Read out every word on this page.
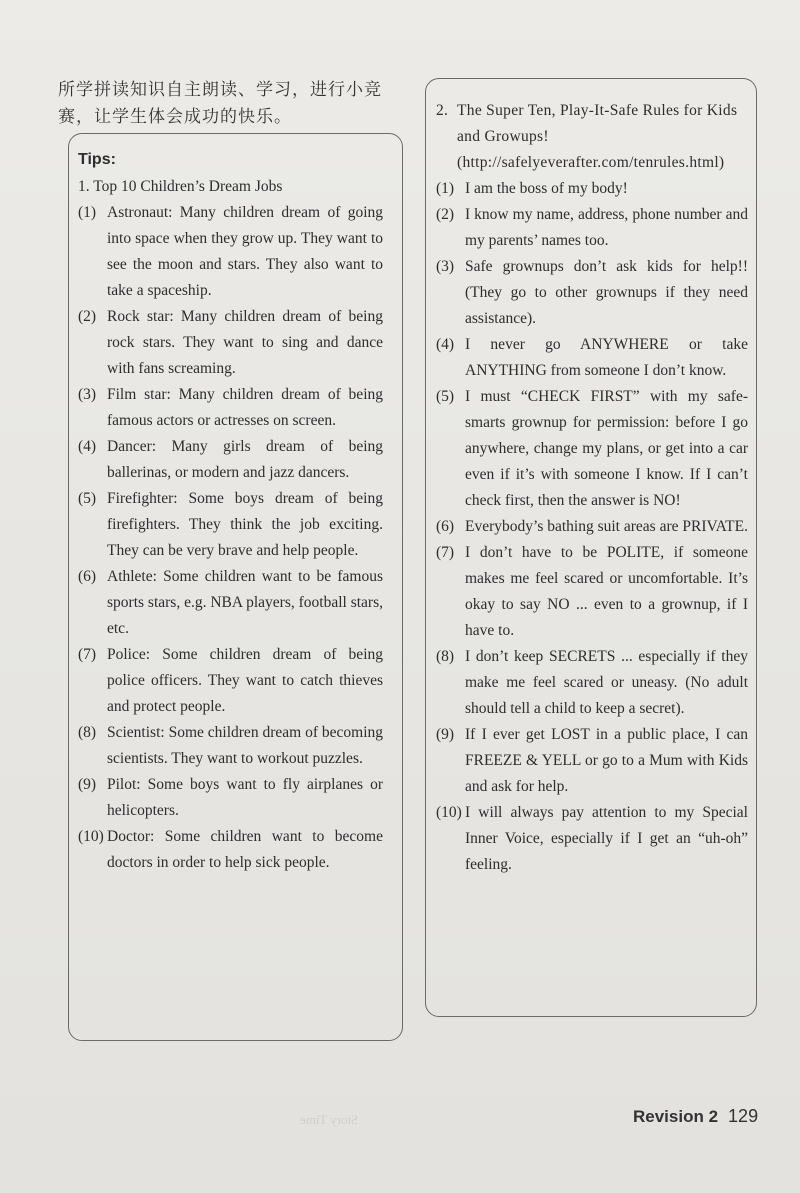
Story Time
所学拼读知识自主朗读、学习，进行小竞
赛，让学生体会成功的快乐。
Tips:
1. Top 10 Children’s Dream Jobs
(1) Astronaut: Many children dream of going into space when they grow up. They want to see the moon and stars. They also want to take a spaceship.
(2) Rock star: Many children dream of being rock stars. They want to sing and dance with fans screaming.
(3) Film star: Many children dream of being famous actors or actresses on screen.
(4) Dancer: Many girls dream of being ballerinas, or modern and jazz dancers.
(5) Firefighter: Some boys dream of being firefighters. They think the job exciting. They can be very brave and help people.
(6) Athlete: Some children want to be famous sports stars, e.g. NBA players, football stars, etc.
(7) Police: Some children dream of being police officers. They want to catch thieves and protect people.
(8) Scientist: Some children dream of becoming scientists. They want to workout puzzles.
(9) Pilot: Some boys want to fly airplanes or helicopters.
(10) Doctor: Some children want to become doctors in order to help sick people.
2. The Super Ten, Play-It-Safe Rules for Kids and Growups! (http://safelyeverafter.com/tenrules.html)
(1) I am the boss of my body!
(2) I know my name, address, phone number and my parents’ names too.
(3) Safe grownups don’t ask kids for help!! (They go to other grownups if they need assistance).
(4) I never go ANYWHERE or take ANYTHING from someone I don’t know.
(5) I must “CHECK FIRST” with my safe-smarts grownup for permission: before I go anywhere, change my plans, or get into a car even if it’s with someone I know. If I can’t check first, then the answer is NO!
(6) Everybody’s bathing suit areas are PRIVATE.
(7) I don’t have to be POLITE, if someone makes me feel scared or uncomfortable. It’s okay to say NO ... even to a grownup, if I have to.
(8) I don’t keep SECRETS ... especially if they make me feel scared or uneasy. (No adult should tell a child to keep a secret).
(9) If I ever get LOST in a public place, I can FREEZE & YELL or go to a Mum with Kids and ask for help.
(10) I will always pay attention to my Special Inner Voice, especially if I get an “uh-oh” feeling.
Revision 2 129
